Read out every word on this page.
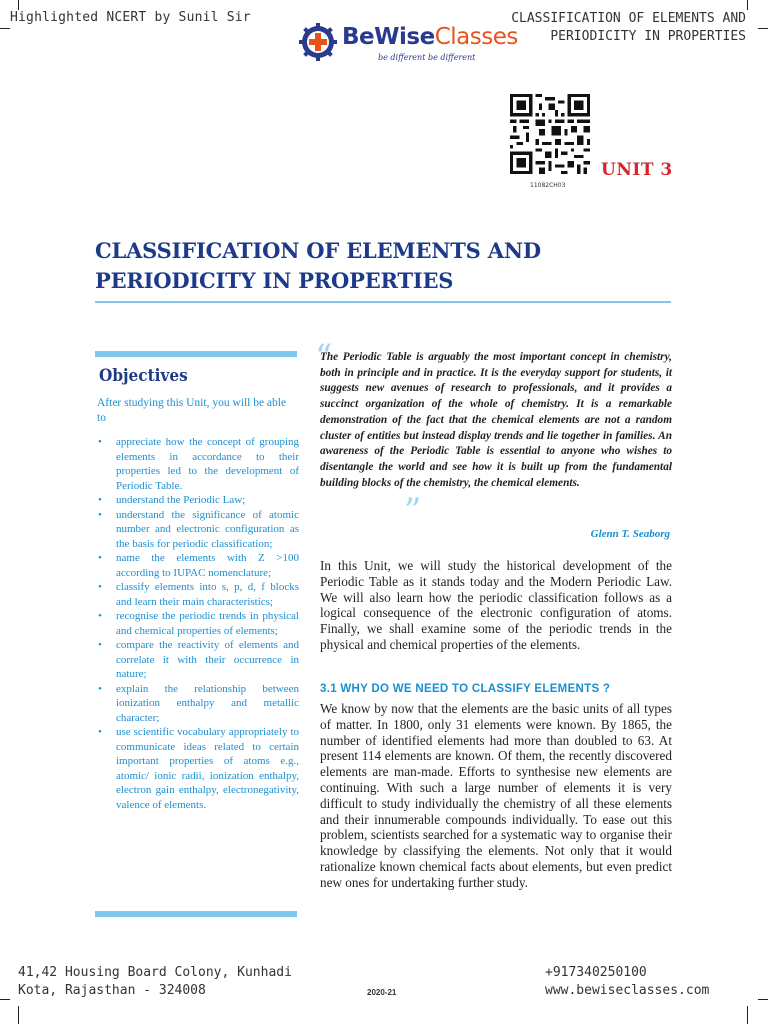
Highlighted NCERT by Sunil Sir	CLASSIFICATION OF ELEMENTS AND
PERIODICITY IN PROPERTIES
BeWiseClasses
be different be different
11082CH03
UNIT 3
CLASSIFICATION OF ELEMENTS AND
PERIODICITY IN PROPERTIES
Objectives
After studying this Unit, you will be able to
• appreciate how the concept of grouping elements in accordance to their properties led to the development of Periodic Table.
• understand the Periodic Law;
• understand the significance of atomic number and electronic configuration as the basis for periodic classification;
• name the elements with Z >100 according to IUPAC nomenclature;
• classify elements into s, p, d, f blocks and learn their main characteristics;
• recognise the periodic trends in physical and chemical properties of elements;
• compare the reactivity of elements and correlate it with their occurrence in nature;
• explain the relationship between ionization enthalpy and metallic character;
• use scientific vocabulary appropriately to communicate ideas related to certain important properties of atoms e.g., atomic/ ionic radii, ionization enthalpy, electron gain enthalpy, electronegativity, valence of elements.
“
The Periodic Table is arguably the most important concept in chemistry, both in principle and in practice. It is the everyday support for students, it suggests new avenues of research to professionals, and it provides a succinct organization of the whole of chemistry. It is a remarkable demonstration of the fact that the chemical elements are not a random cluster of entities but instead display trends and lie together in families. An awareness of the Periodic Table is essential to anyone who wishes to disentangle the world and see how it is built up from the fundamental building blocks of the chemistry, the chemical elements.
”
Glenn T. Seaborg
In this Unit, we will study the historical development of the Periodic Table as it stands today and the Modern Periodic Law. We will also learn how the periodic classification follows as a logical consequence of the electronic configuration of atoms. Finally, we shall examine some of the periodic trends in the physical and chemical properties of the elements.
3.1 WHY DO WE NEED TO CLASSIFY ELEMENTS ?
We know by now that the elements are the basic units of all types of matter. In 1800, only 31 elements were known. By 1865, the number of identified elements had more than doubled to 63. At present 114 elements are known. Of them, the recently discovered elements are man-made. Efforts to synthesise new elements are continuing. With such a large number of elements it is very difficult to study individually the chemistry of all these elements and their innumerable compounds individually. To ease out this problem, scientists searched for a systematic way to organise their knowledge by classifying the elements. Not only that it would rationalize known chemical facts about elements, but even predict new ones for undertaking further study.
41,42 Housing Board Colony, Kunhadi
Kota, Rajasthan - 324008	2020-21
+917340250100
www.bewiseclasses.com
